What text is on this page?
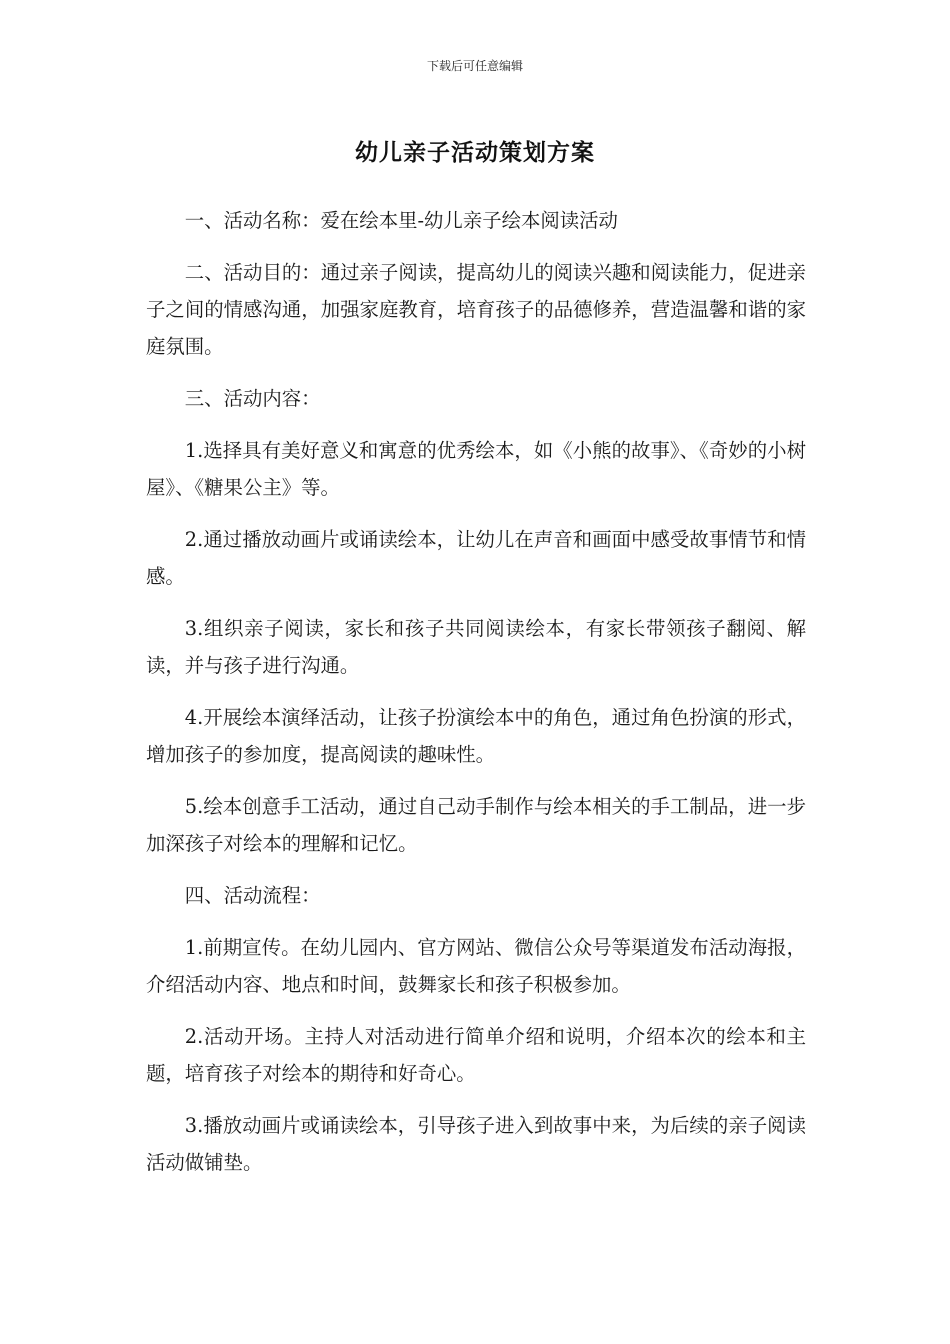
下载后可任意编辑
幼儿亲子活动策划方案

一、活动名称：爱在绘本里-幼儿亲子绘本阅读活动

二、活动目的：通过亲子阅读，提高幼儿的阅读兴趣和阅读能力，促进亲子之间的情感沟通，加强家庭教育，培育孩子的品德修养，营造温馨和谐的家庭氛围。

三、活动内容：

1.选择具有美好意义和寓意的优秀绘本，如《小熊的故事》、《奇妙的小树屋》、《糖果公主》等。

2.通过播放动画片或诵读绘本，让幼儿在声音和画面中感受故事情节和情感。

3.组织亲子阅读，家长和孩子共同阅读绘本，有家长带领孩子翻阅、解读，并与孩子进行沟通。

4.开展绘本演绎活动，让孩子扮演绘本中的角色，通过角色扮演的形式，增加孩子的参加度，提高阅读的趣味性。

5.绘本创意手工活动，通过自己动手制作与绘本相关的手工制品，进一步加深孩子对绘本的理解和记忆。

四、活动流程：

1.前期宣传。在幼儿园内、官方网站、微信公众号等渠道发布活动海报，介绍活动内容、地点和时间，鼓舞家长和孩子积极参加。

2.活动开场。主持人对活动进行简单介绍和说明，介绍本次的绘本和主题，培育孩子对绘本的期待和好奇心。

3.播放动画片或诵读绘本，引导孩子进入到故事中来，为后续的亲子阅读活动做铺垫。
